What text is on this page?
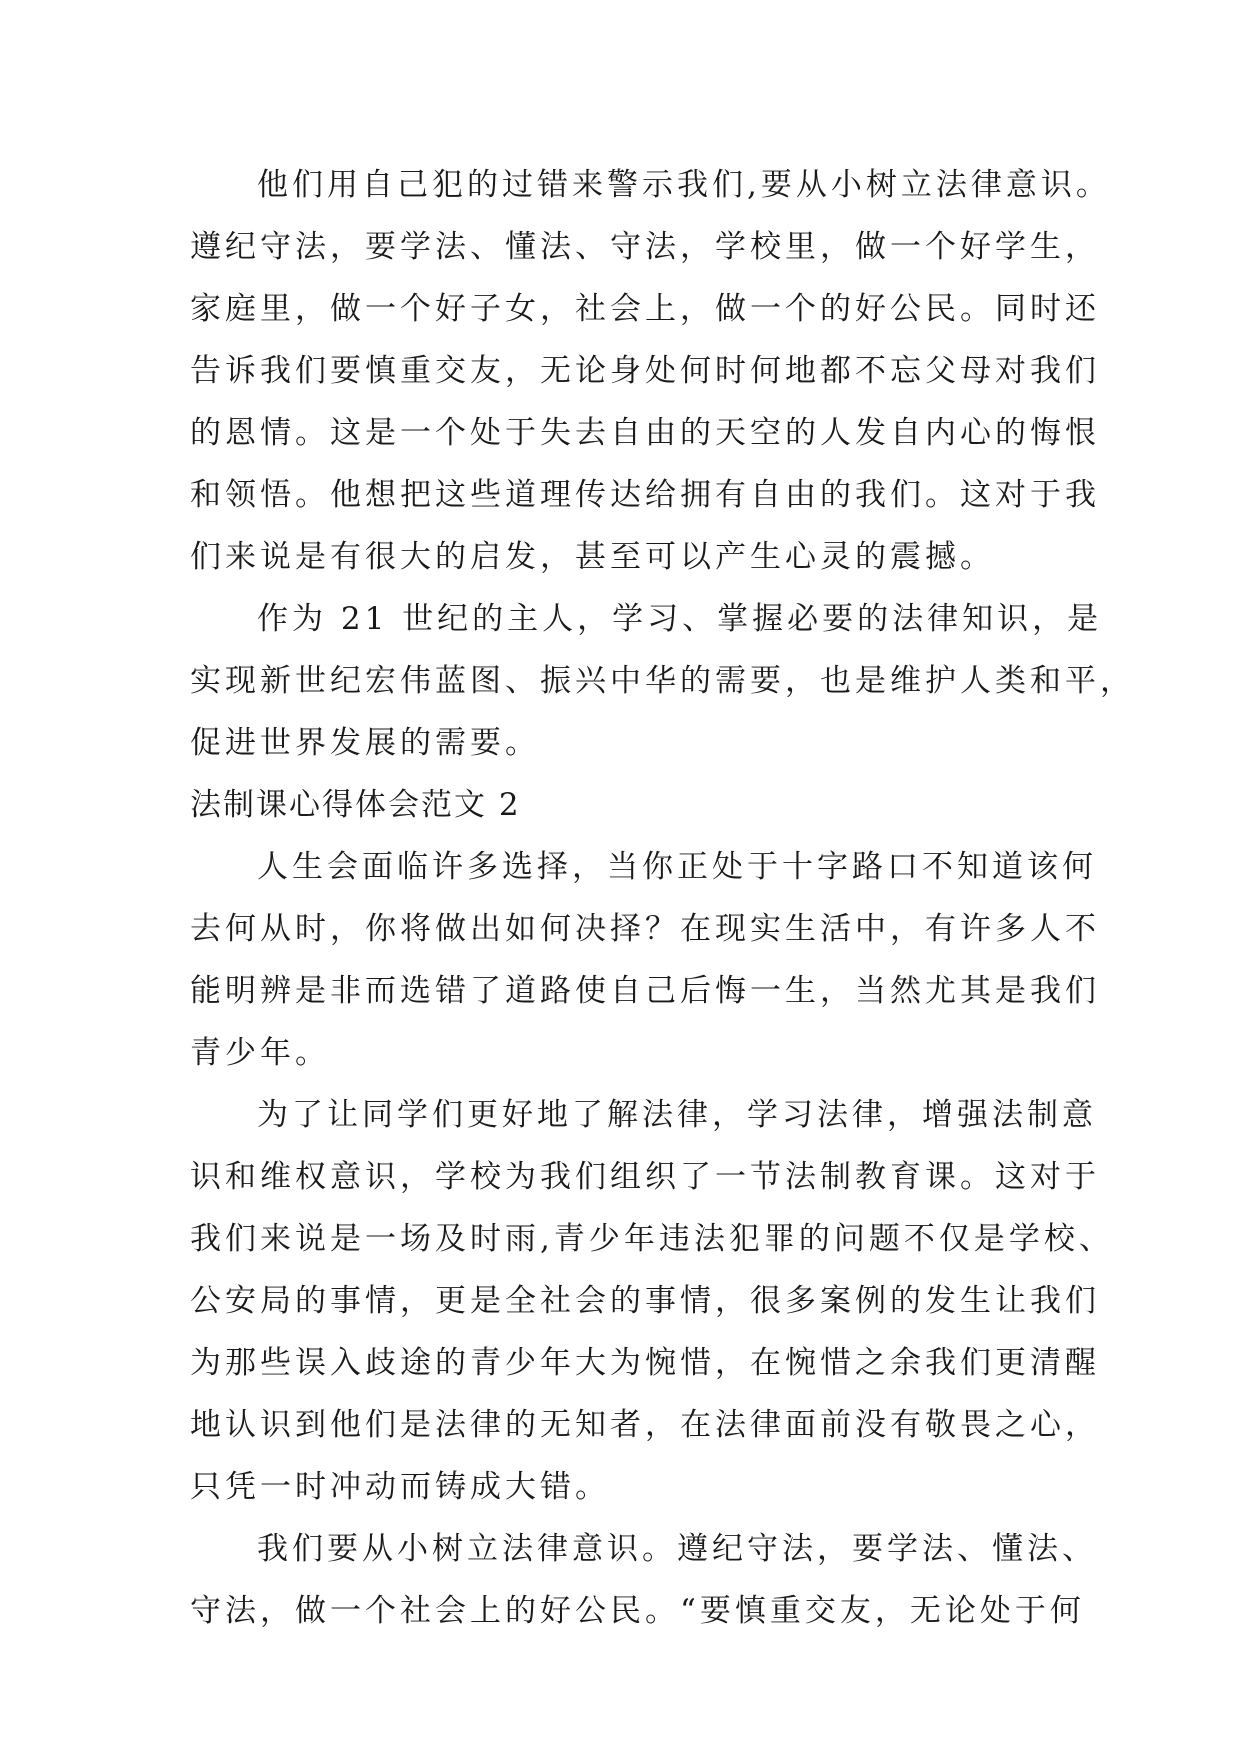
他们用自己犯的过错来警示我们,要从小树立法律意识。
遵纪守法，要学法、懂法、守法，学校里，做一个好学生，
家庭里，做一个好子女，社会上，做一个的好公民。同时还
告诉我们要慎重交友，无论身处何时何地都不忘父母对我们
的恩情。这是一个处于失去自由的天空的人发自内心的悔恨
和领悟。他想把这些道理传达给拥有自由的我们。这对于我
们来说是有很大的启发，甚至可以产生心灵的震撼。
作为 21 世纪的主人，学习、掌握必要的法律知识，是
实现新世纪宏伟蓝图、振兴中华的需要，也是维护人类和平，
促进世界发展的需要。
法制课心得体会范文 2
人生会面临许多选择，当你正处于十字路口不知道该何
去何从时，你将做出如何决择？在现实生活中，有许多人不
能明辨是非而选错了道路使自己后悔一生，当然尤其是我们
青少年。
为了让同学们更好地了解法律，学习法律，增强法制意
识和维权意识，学校为我们组织了一节法制教育课。这对于
我们来说是一场及时雨,青少年违法犯罪的问题不仅是学校、
公安局的事情，更是全社会的事情，很多案例的发生让我们
为那些误入歧途的青少年大为惋惜，在惋惜之余我们更清醒
地认识到他们是法律的无知者，在法律面前没有敬畏之心，
只凭一时冲动而铸成大错。
我们要从小树立法律意识。遵纪守法，要学法、懂法、
守法，做一个社会上的好公民。“要慎重交友，无论处于何
